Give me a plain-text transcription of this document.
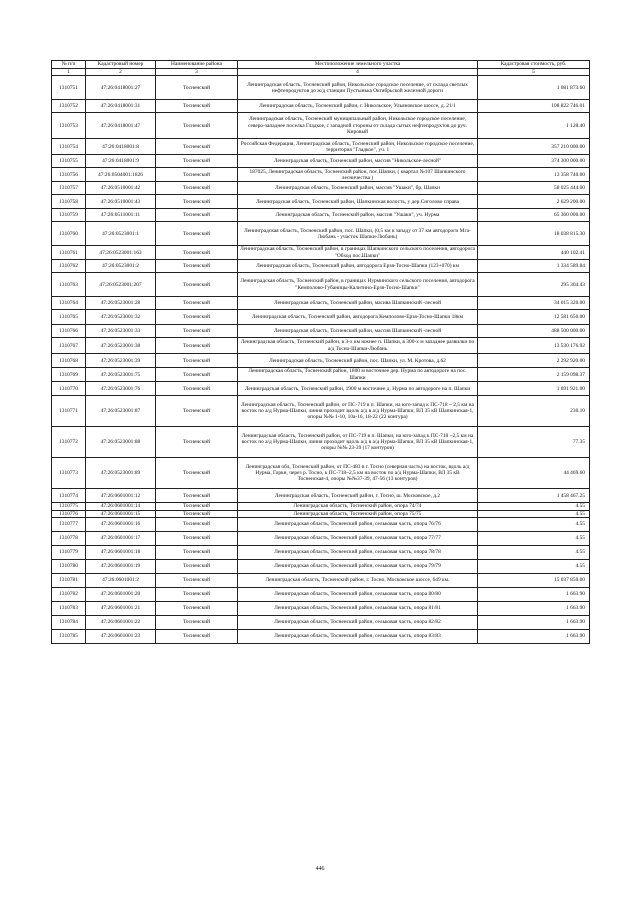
№ п/п	Кадастровый номер	Наименование района	Местоположение земельного участка	Кадастровая стоимость, руб.
1	2	3	4	5
1310751	47:26:0418001:27	Тосненский	Ленинградская область, Тосненский район, Никольское городское поселение, от склада светлых нефтепродуктов до ж/д станции Пустынька Октябрьской железной дороги	1 081 873.60
1310752	47:26:0418001:31	Тосненский	Ленинградская область, Тосненский район, г. Никольское, Ульяновское шоссе, д. 21/1	108 822 746.01
1310753	47:26:0418001:47	Тосненский	Ленинградская область, Тосненский муниципальный район, Никольское городское поселение, северо-западнее поселка Гладкое, с западной стороны от склада сытых нефтепродуктов до руч. Кировый	1 128.40
1310754	47:26:0418001:8	Тосненский	Российская Федерация, Ленинградская область, Тосненский район, Никольское городское поселение, территория "Гладкое", уч. 1	357 210 000.00
1310755	47:26:0418001:9	Тосненский	Ленинградская область, Тосненский район, массив "Никольское-лесной"	374 300 000.00
1310756	47:26:0504001:1826	Тосненский	187025, Ленинградская область, Тосненский район, пос.Шапки, ( квартал №107 Шапкинского лесничества )	13 358 740.00
1310757	47:26:0510001:42	Тосненский	Ленинградская область, Тосненский район, массив "Ушаки", бр. Шапки	58 025 444.00
1310758	47:26:0510001:43	Тосненский	Ленинградская область, Тосненский район, Шапкинская волость, у дер.Сиголово справа	2 629 200.00
1310759	47:26:0511001:11	Тосненский	Ленинградская область, Тосненский район, массив "Ушаки", уч. Нурма	65 360 000.00
1310760	47:26:0523001:1	Тосненский	Ленинградская область, Тосненский район, пос. Шапки, (0,5 км к западу от 37 км автодороги Мга-Любань - участок Шапки-Любань)	18 038 815.30
1310761	47:26:0523001:163	Тосненский	Ленинградская область, Тосненский район, в границах Шапкинского сельского поселения, автодорога "Обход пос.Шапки"	440 102.41
1310762	47:26:0523001:2	Тосненский	Ленинградская область, Тосненский район, автодорога Ерзя-Тосно-Шапки (123+070) км	1 334 589.84
1310763	47:26:0523001:207	Тосненский	Ленинградская область, Тосненский район, в границах Нурминского сельского поселения, автодорога "Кемполово-Губаницы-Калитино-Ерзя-Тосно-Шапки"	295 304.43
1310764	47:26:0523001:28	Тосненский	Ленинградская область, Тосненский район, масива Шапкинский -лесной	34 015 320.00
1310765	47:26:0523001:32	Тосненский	Ленинградская область, Тосненский район, автодорога Кемполово-Ерзя-Тосно-Шапки 18км	12 581 650.00
1310766	47:26:0523001:33	Тосненский	Ленинградская область, Тосненский район, массив Шапкинский -лесной	488 500 000.00
1310767	47:26:0523001:38	Тосненский	Ленинградская область, Тосненский район, в 3-х км южнее п. Шапки, в 300-х м западнее развилки по а/д Тосно-Шапки-Любань	13 530 176.92
1310768	47:26:0523001:39	Тосненский	Ленинградская область, Тосненский район, пос. Шапки, ул. М. Кротова, д.62	2 292 920.00
1310769	47:26:0523001:75	Тосненский	Ленинградская область, Тосненский район, 1800 м восточнее дер. Нурма по автодороге на пос. Шапки	2 159 098.37
1310770	47:26:0523001:76	Тосненский	Ленинградская область, Тосненский район, 1900 м восточнее д. Нурма по автодороге на п. Шапки	1 691 921.00
1310771	47:26:0523001:87	Тосненский	Ленинградская область, Тосненский район, от ПС-719 в п. Шапки, на юго-запад к ПС-718 ~ 2,5 км на восток по а/д Нурма-Шапки, линия проходит вдоль а/д в а/д Нурма-Шапки, ВЛ 35 кВ Шапкинская-1, опоры №№ 1-10, 10а-16, 18-22 (22 контура)	230.10
1310772	47:26:0523001:88	Тосненский	Ленинградская область, Тосненский район, от ПС-719 в п. Шапки, на юго-запад к ПС-718 ~2,5 км на восток по а/д Нурма-Шапки, линия проходит вдоль а/д в а/д Нурма-Шапки, ВЛ 35 кВ Шапкинская-1, опоры №№ 23-39 (17 контуров)	77.35
1310773	47:26:0523001:89	Тосненский	Ленинградская обл, Тосненский район, от ПС-483 в г. Тосно (северная часть) на восток, вдоль а/д Нурма, Горки, через р. Тосно, к ПС-718~2,5 км на восток по а/д Нурма-Шапки, ВЛ 35 кВ Тосненская-4, опоры №№37-39, 47-56 (13 контуров)	44 469.60
1310774	47:26:0601001:12	Тосненский	Ленинградская область, Тосненский район, г. Тосно, ш. Московское, д.2	1 458 467.25
1310775	47:26:0601001:14	Тосненский	Ленинградская область, Тосненский район, опора 74/74	4.55
1310776	47:26:0601001:15	Тосненский	Ленинградская область, Тосненский район, опора 75/75	4.55
1310777	47:26:0601001:16	Тосненский	Ленинградская область, Тосненский район, сельковая часть, опора 76/76	4.55
1310778	47:26:0601001:17	Тосненский	Ленинградская область, Тосненский район, сельковая часть, опора 77/77	4.55
1310779	47:26:0601001:18	Тосненский	Ленинградская область, Тосненский район, сельковая часть, опора 78/78	4.55
1310780	47:26:0601001:19	Тосненский	Ленинградская область, Тосненский район, сельковая часть, опора 79/79	4.55
1310781	47:26:0601001:2	Тосненский	Ленинградская область, Тосненский район, г. Тосно, Московское шоссе, 649 км.	15 037 850.00
1310782	47:26:0601001:20	Тосненский	Ленинградская область, Тосненский район, сельковая часть, опора 80/80	1 663.90
1310783	47:26:0601001:21	Тосненский	Ленинградская область, Тосненский район, сельковая часть, опора 81/81	1 663.90
1310784	47:26:0601001:22	Тосненский	Ленинградская область, Тосненский район, сельковая часть, опора 82/82	1 663.90
1310785	47:26:0601001:23	Тосненский	Ленинградская область, Тосненский район, сельковая часть, опора 83/83	1 663.90
446
